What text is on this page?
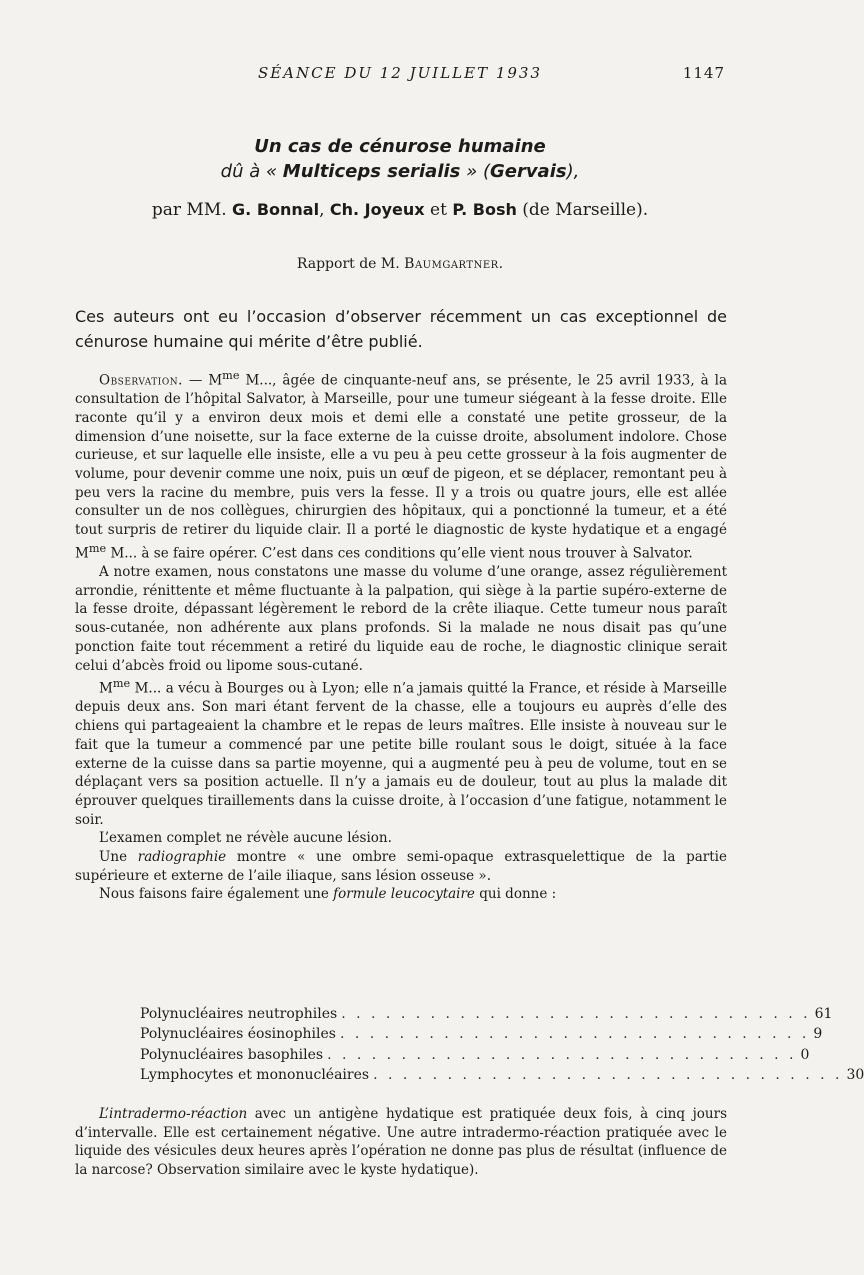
SÉANCE DU 12 JUILLET 1933	1147
Un cas de cénurose humaine
dû à « Multiceps serialis » (Gervais),
par MM. G. Bonnal, Ch. Joyeux et P. Bosh (de Marseille).
Rapport de M. Baumgartner.
Ces auteurs ont eu l’occasion d’observer récemment un cas exceptionnel de cénurose humaine qui mérite d’être publié.

Observation. — $M^{me}$ M..., âgée de cinquante-neuf ans, se présente, le 25 avril 1933, à la consultation de l’hôpital Salvator, à Marseille, pour une tumeur siégeant à la fesse droite. Elle raconte qu’il y a environ deux mois et demi elle a constaté une petite grosseur, de la dimension d’une noisette, sur la face externe de la cuisse droite, absolument indolore. Chose curieuse, et sur laquelle elle insiste, elle a vu peu à peu cette grosseur à la fois augmenter de volume, pour devenir comme une noix, puis un œuf de pigeon, et se déplacer, remontant peu à peu vers la racine du membre, puis vers la fesse. Il y a trois ou quatre jours, elle est allée consulter un de nos collègues, chirurgien des hôpitaux, qui a ponctionné la tumeur, et a été tout surpris de retirer du liquide clair. Il a porté le diagnostic de kyste hydatique et a engagé $M^{me}$ M... à se faire opérer. C’est dans ces conditions qu’elle vient nous trouver à Salvator.

A notre examen, nous constatons une masse du volume d’une orange, assez régulièrement arrondie, rénittente et même fluctuante à la palpation, qui siège à la partie supéro-externe de la fesse droite, dépassant légèrement le rebord de la crête iliaque. Cette tumeur nous paraît sous-cutanée, non adhérente aux plans profonds. Si la malade ne nous disait pas qu’une ponction faite tout récemment a retiré du liquide eau de roche, le diagnostic clinique serait celui d’abcès froid ou lipome sous-cutané.

$M^{me}$ M... a vécu à Bourges ou à Lyon; elle n’a jamais quitté la France, et réside à Marseille depuis deux ans. Son mari étant fervent de la chasse, elle a toujours eu auprès d’elle des chiens qui partageaient la chambre et le repas de leurs maîtres. Elle insiste à nouveau sur le fait que la tumeur a commencé par une petite bille roulant sous le doigt, située à la face externe de la cuisse dans sa partie moyenne, qui a augmenté peu à peu de volume, tout en se déplaçant vers sa position actuelle. Il n’y a jamais eu de douleur, tout au plus la malade dit éprouver quelques tiraillements dans la cuisse droite, à l’occasion d’une fatigue, notamment le soir.

L’examen complet ne révèle aucune lésion.

Une radiographie montre « une ombre semi-opaque extrasquelettique de la partie supérieure et externe de l’aile iliaque, sans lésion osseuse ».

Nous faisons faire également une formule leucocytaire qui donne :

Polynucléaires neutrophiles . . . . . . . . . . . . . . . . . . . . . . . . . . . . . . . . 61
Polynucléaires éosinophiles . . . . . . . . . . . . . . . . . . . . . . . . . . . . . . . . 9
Polynucléaires basophiles . . . . . . . . . . . . . . . . . . . . . . . . . . . . . . . . 0
Lymphocytes et mononucléaires . . . . . . . . . . . . . . . . . . . . . . . . . . . . . . . . 30

L’intradermo-réaction avec un antigène hydatique est pratiquée deux fois, à cinq jours d’intervalle. Elle est certainement négative. Une autre intradermo-réaction pratiquée avec le liquide des vésicules deux heures après l’opération ne donne pas plus de résultat (influence de la narcose? Observation similaire avec le kyste hydatique).
